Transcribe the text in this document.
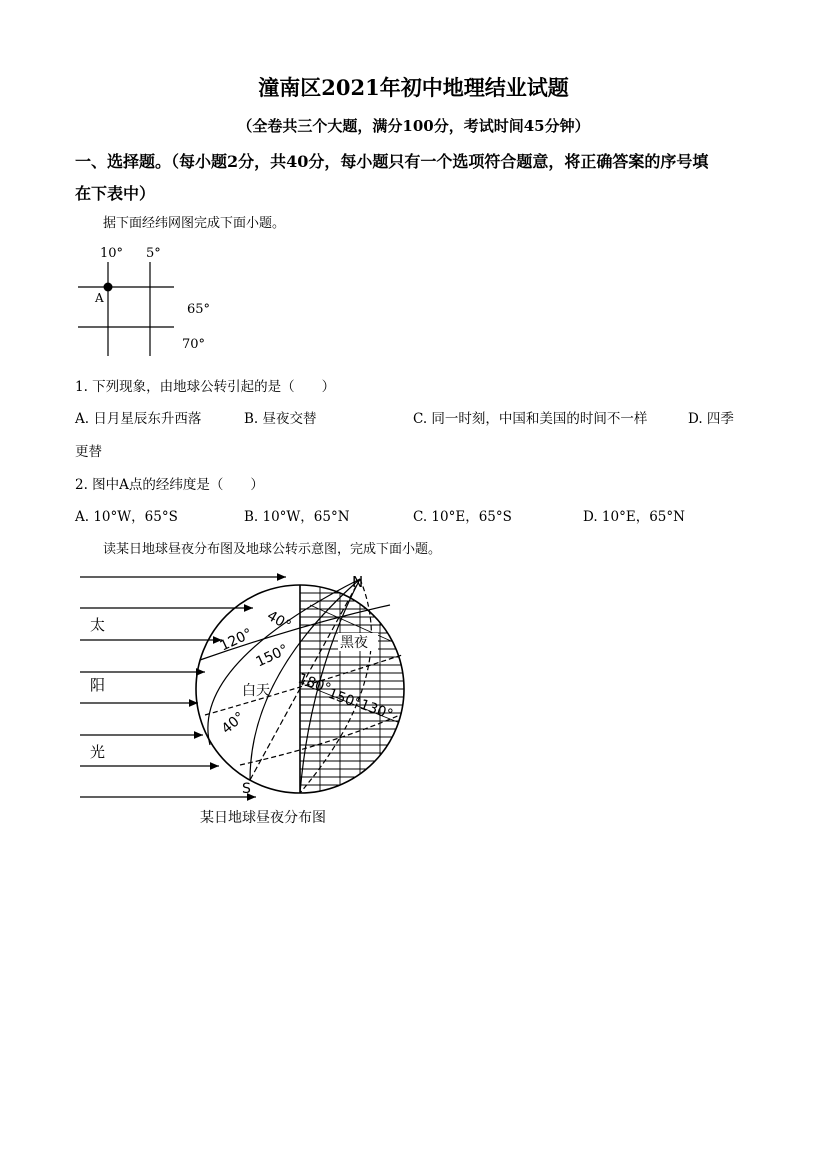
潼南区2021年初中地理结业试题
（全卷共三个大题，满分100分，考试时间45分钟）
一、选择题。（每小题2分，共40分，每小题只有一个选项符合题意，将正确答案的序号填
在下表中）
据下面经纬网图完成下面小题。
10° 5°
65°
70°
A
1. 下列现象，由地球公转引起的是（　　）
A. 日月星辰东升西落	B. 昼夜交替	C. 同一时刻，中国和美国的时间不一样	D. 四季
更替
2. 图中A点的经纬度是（　　）
A. 10°W，65°S	B. 10°W，65°N	C. 10°E，65°S	D. 10°E，65°N
读某日地球昼夜分布图及地球公转示意图，完成下面小题。
N
S
太
阳
光
黑夜
白天
40°
120°
150°
180°
150°
130°
40°
某日地球昼夜分布图
